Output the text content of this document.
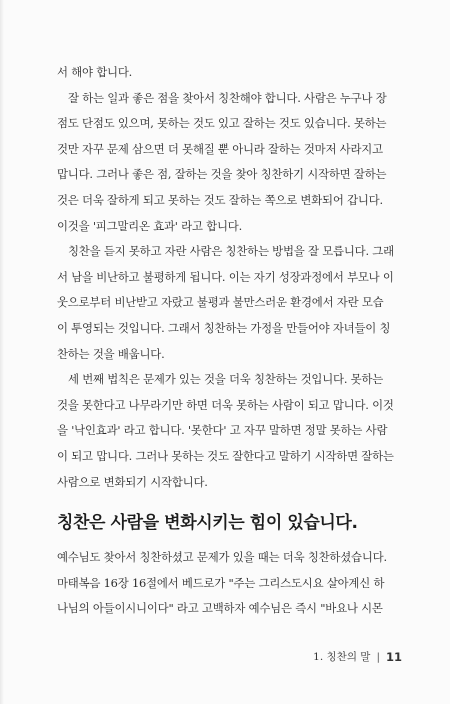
서 해야 합니다.
잘 하는 일과 좋은 점을 찾아서 칭찬해야 합니다. 사람은 누구나 장
점도 단점도 있으며, 못하는 것도 있고 잘하는 것도 있습니다. 못하는
것만 자꾸 문제 삼으면 더 못해질 뿐 아니라 잘하는 것마저 사라지고
맙니다. 그러나 좋은 점, 잘하는 것을 찾아 칭찬하기 시작하면 잘하는
것은 더욱 잘하게 되고 못하는 것도 잘하는 쪽으로 변화되어 갑니다.
이것을 '피그말리온 효과' 라고 합니다.
칭찬을 듣지 못하고 자란 사람은 칭찬하는 방법을 잘 모릅니다. 그래
서 남을 비난하고 불평하게 됩니다. 이는 자기 성장과정에서 부모나 이
웃으로부터 비난받고 자랐고 불평과 불만스러운 환경에서 자란 모습
이 투영되는 것입니다. 그래서 칭찬하는 가정을 만들어야 자녀들이 칭
찬하는 것을 배웁니다.
세 번째 법칙은 문제가 있는 것을 더욱 칭찬하는 것입니다. 못하는
것을 못한다고 나무라기만 하면 더욱 못하는 사람이 되고 맙니다. 이것
을 '낙인효과' 라고 합니다. '못한다' 고 자꾸 말하면 정말 못하는 사람
이 되고 맙니다. 그러나 못하는 것도 잘한다고 말하기 시작하면 잘하는
사람으로 변화되기 시작합니다.
칭찬은 사람을 변화시키는 힘이 있습니다.
예수님도 찾아서 칭찬하셨고 문제가 있을 때는 더욱 칭찬하셨습니다.
마태복음 16장 16절에서 베드로가 "주는 그리스도시요 살아계신 하
나님의 아들이시니이다" 라고 고백하자 예수님은 즉시 "바요나 시몬
1. 칭찬의 말 | 11
